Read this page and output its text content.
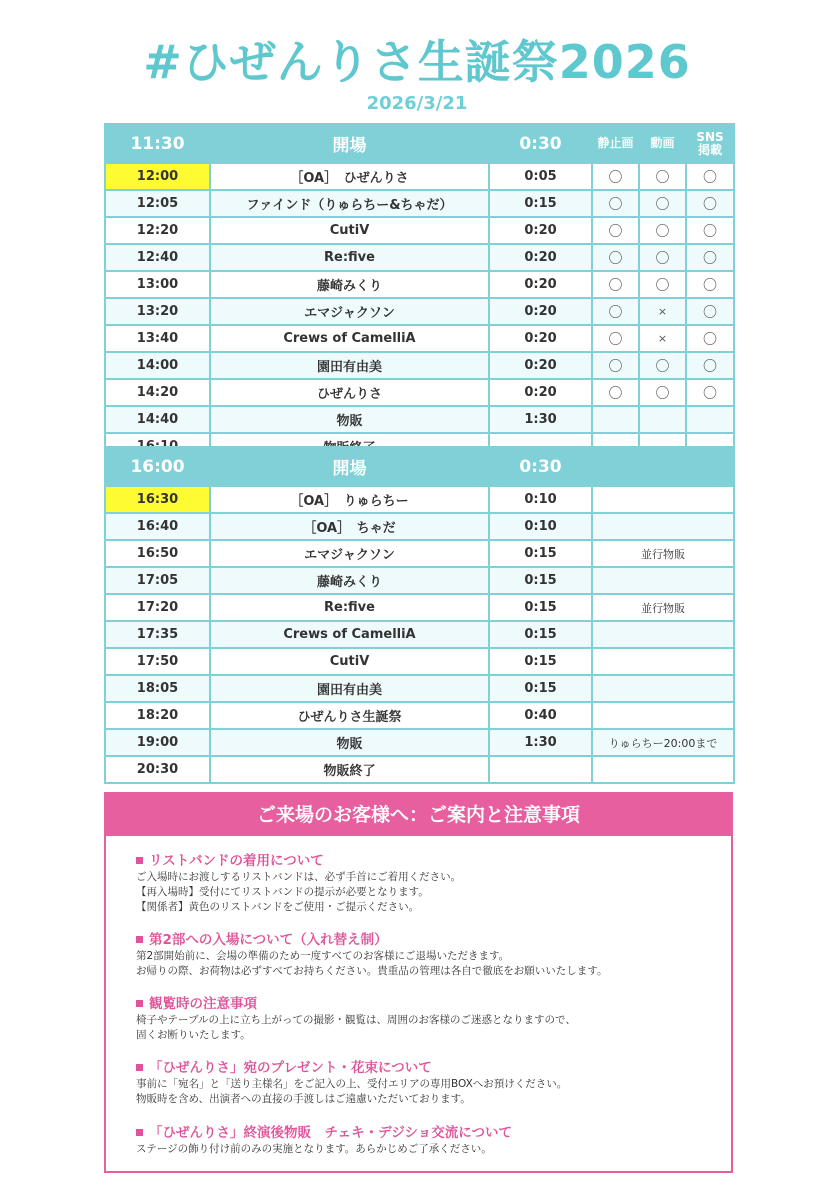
#ひぜんりさ生誕祭2026
2026/3/21
11:30	開場	0:30	静止画	動画	SNS
掲載
12:00	［OA］　ひぜんりさ	0:05	〇	〇	〇
12:05	ファインド（りゅらちー&ちゃだ）	0:15	〇	〇	〇
12:20	CutiV	0:20	〇	〇	〇
12:40	Re:five	0:20	〇	〇	〇
13:00	藤崎みくり	0:20	〇	〇	〇
13:20	エマジャクソン	0:20	〇	×	〇
13:40	Crews of CamelliA	0:20	〇	×	〇
14:00	園田有由美	0:20	〇	〇	〇
14:20	ひぜんりさ	0:20	〇	〇	〇
14:40	物販	1:30			

16:00	開場	0:30	
16:30	［OA］　りゅらちー	0:10	
16:40	［OA］　ちゃだ	0:10	
16:50	エマジャクソン	0:15	並行物販
17:05	藤崎みくり	0:15	
17:20	Re:five	0:15	並行物販
17:35	Crews of CamelliA	0:15	
17:50	CutiV	0:15	
18:05	園田有由美	0:15	
18:20	ひぜんりさ生誕祭	0:40	
19:00	物販	1:30	りゅらちー20:00まで
20:30	物販終了		
ご来場のお客様へ：ご案内と注意事項
リストバンドの着用について
ご入場時にお渡しするリストバンドは、必ず手首にご着用ください。
【再入場時】受付にてリストバンドの提示が必要となります。
【関係者】黄色のリストバンドをご使用・ご提示ください。
第2部への入場について（入れ替え制）
第2部開始前に、会場の準備のため一度すべてのお客様にご退場いただきます。
お帰りの際、お荷物は必ずすべてお持ちください。貴重品の管理は各自で徹底をお願いいたします。
観覧時の注意事項
椅子やテーブルの上に立ち上がっての撮影・観覧は、周囲のお客様のご迷惑となりますので、
固くお断りいたします。
「ひぜんりさ」宛のプレゼント・花束について
事前に「宛名」と「送り主様名」をご記入の上、受付エリアの専用BOXへお預けください。
物販時を含め、出演者への直接の手渡しはご遠慮いただいております。
「ひぜんりさ」終演後物販　チェキ・デジショ交流について
ステージの飾り付け前のみの実施となります。あらかじめご了承ください。
